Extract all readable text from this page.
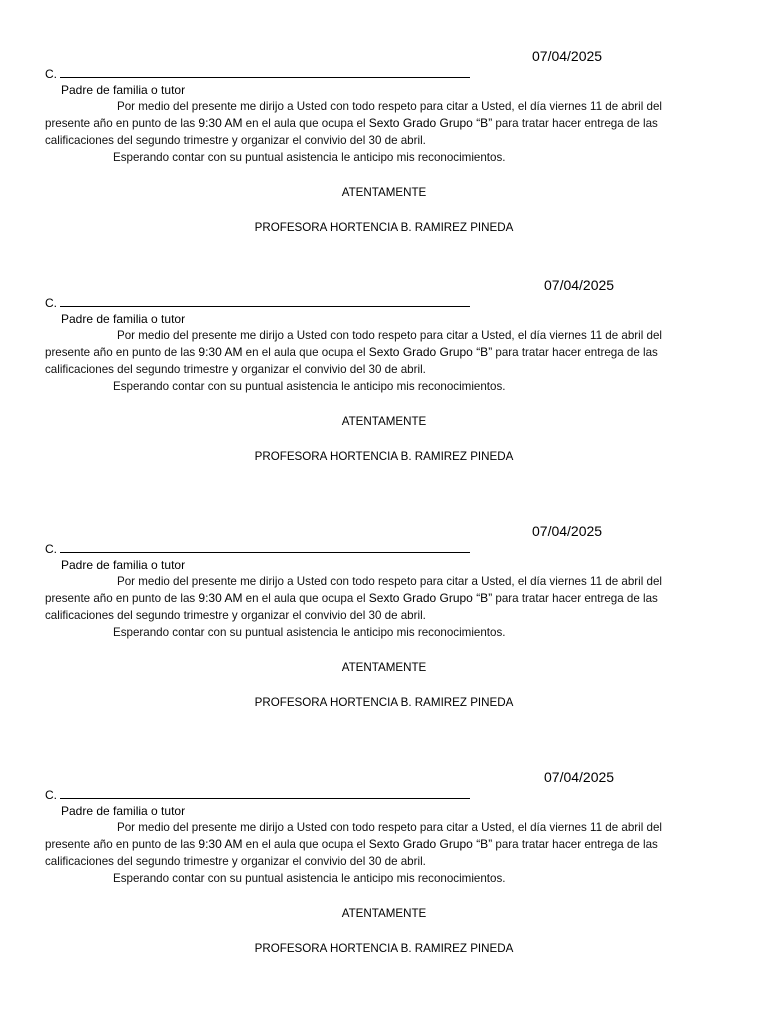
07/04/2025
C.
Padre de familia o tutor
Por medio del presente me dirijo a Usted con todo respeto para citar a Usted, el día viernes 11 de abril del presente año en punto de las 9:30 AM en el aula que ocupa el Sexto Grado Grupo “B” para tratar hacer entrega de las calificaciones del segundo trimestre y organizar el convivio del 30 de abril.
Esperando contar con su puntual asistencia le anticipo mis reconocimientos.
ATENTAMENTE
PROFESORA HORTENCIA B. RAMIREZ PINEDA
07/04/2025
C.
Padre de familia o tutor
Por medio del presente me dirijo a Usted con todo respeto para citar a Usted, el día viernes 11 de abril del presente año en punto de las 9:30 AM en el aula que ocupa el Sexto Grado Grupo “B” para tratar hacer entrega de las calificaciones del segundo trimestre y organizar el convivio del 30 de abril.
Esperando contar con su puntual asistencia le anticipo mis reconocimientos.
ATENTAMENTE
PROFESORA HORTENCIA B. RAMIREZ PINEDA
07/04/2025
C.
Padre de familia o tutor
Por medio del presente me dirijo a Usted con todo respeto para citar a Usted, el día viernes 11 de abril del presente año en punto de las 9:30 AM en el aula que ocupa el Sexto Grado Grupo “B” para tratar hacer entrega de las calificaciones del segundo trimestre y organizar el convivio del 30 de abril.
Esperando contar con su puntual asistencia le anticipo mis reconocimientos.
ATENTAMENTE
PROFESORA HORTENCIA B. RAMIREZ PINEDA
07/04/2025
C.
Padre de familia o tutor
Por medio del presente me dirijo a Usted con todo respeto para citar a Usted, el día viernes 11 de abril del presente año en punto de las 9:30 AM en el aula que ocupa el Sexto Grado Grupo “B” para tratar hacer entrega de las calificaciones del segundo trimestre y organizar el convivio del 30 de abril.
Esperando contar con su puntual asistencia le anticipo mis reconocimientos.
ATENTAMENTE
PROFESORA HORTENCIA B. RAMIREZ PINEDA
